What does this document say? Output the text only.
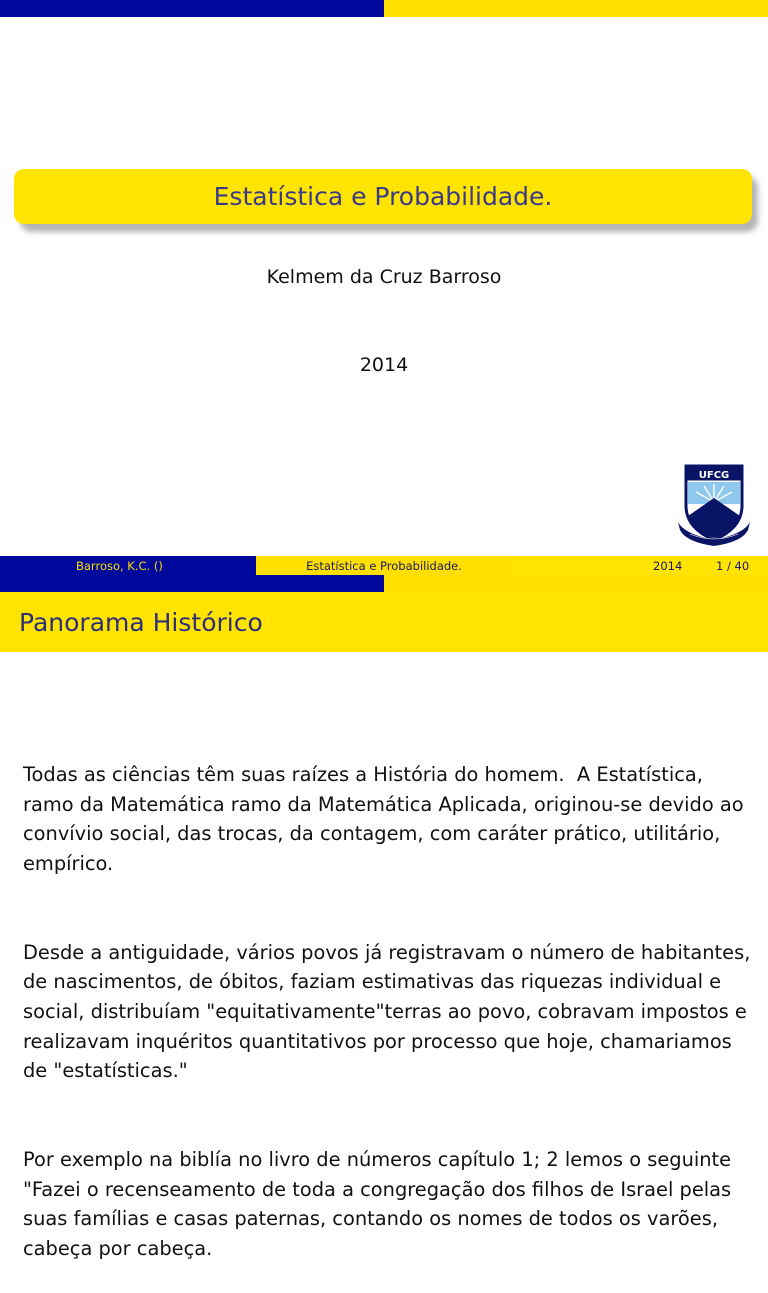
Estatística e Probabilidade.
Kelmem da Cruz Barroso
2014
UFCG
Barroso, K.C. ()	Estatística e Probabilidade.	2014	1 / 40
Panorama Histórico

Todas as ciências têm suas raízes a História do homem.  A Estatística, ramo da Matemática ramo da Matemática Aplicada, originou-se devido ao convívio social, das trocas, da contagem, com caráter prático, utilitário, empírico.

Desde a antiguidade, vários povos já registravam o número de habitantes, de nascimentos, de óbitos, faziam estimativas das riquezas individual e social, distribuíam "equitativamente"terras ao povo, cobravam impostos e realizavam inquéritos quantitativos por processo que hoje, chamariamos de "estatísticas."

Por exemplo na biblía no livro de números capítulo 1; 2 lemos o seguinte "Fazei o recenseamento de toda a congregação dos filhos de Israel pelas suas famílias e casas paternas, contando os nomes de todos os varões, cabeça por cabeça.
